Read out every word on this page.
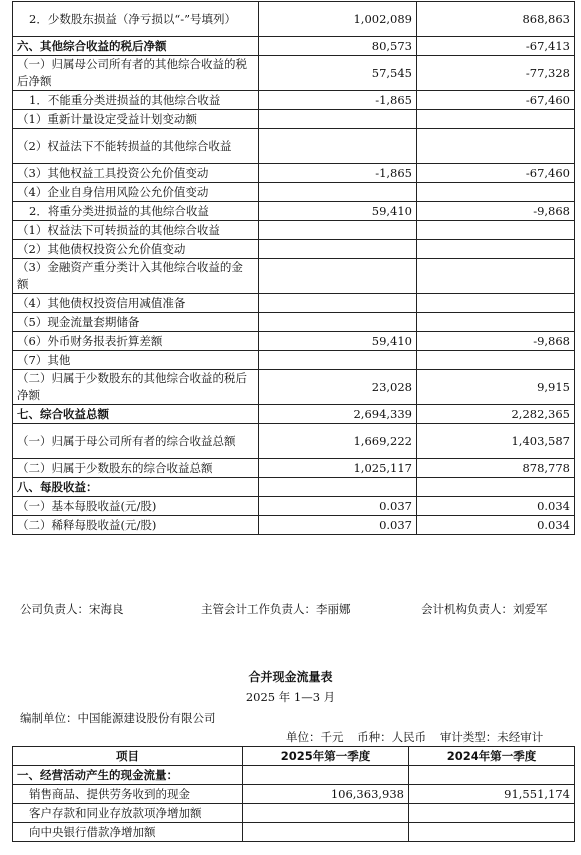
2．少数股东损益（净亏损以“-”号填列）	1,002,089	868,863
六、其他综合收益的税后净额	80,573	-67,413
（一）归属母公司所有者的其他综合收益的税后净额	57,545	-77,328
1．不能重分类进损益的其他综合收益	-1,865	-67,460
（1）重新计量设定受益计划变动额		
（2）权益法下不能转损益的其他综合收益		
（3）其他权益工具投资公允价值变动	-1,865	-67,460
（4）企业自身信用风险公允价值变动		
2．将重分类进损益的其他综合收益	59,410	-9,868
（1）权益法下可转损益的其他综合收益		
（2）其他债权投资公允价值变动		
（3）金融资产重分类计入其他综合收益的金额		
（4）其他债权投资信用减值准备		
（5）现金流量套期储备		
（6）外币财务报表折算差额	59,410	-9,868
（7）其他		
（二）归属于少数股东的其他综合收益的税后净额	23,028	9,915
七、综合收益总额	2,694,339	2,282,365
（一）归属于母公司所有者的综合收益总额	1,669,222	1,403,587
（二）归属于少数股东的综合收益总额	1,025,117	878,778
八、每股收益：		
（一）基本每股收益(元/股)	0.037	0.034
（二）稀释每股收益(元/股)	0.037	0.034
公司负责人：宋海良	主管会计工作负责人：李丽娜	会计机构负责人：刘爱军
合并现金流量表
2025 年 1—3 月
编制单位：中国能源建设股份有限公司
单位：千元 币种：人民币 审计类型：未经审计
项目	2025年第一季度	2024年第一季度
一、经营活动产生的现金流量：		
销售商品、提供劳务收到的现金	106,363,938	91,551,174
客户存款和同业存放款项净增加额		
向中央银行借款净增加额		
